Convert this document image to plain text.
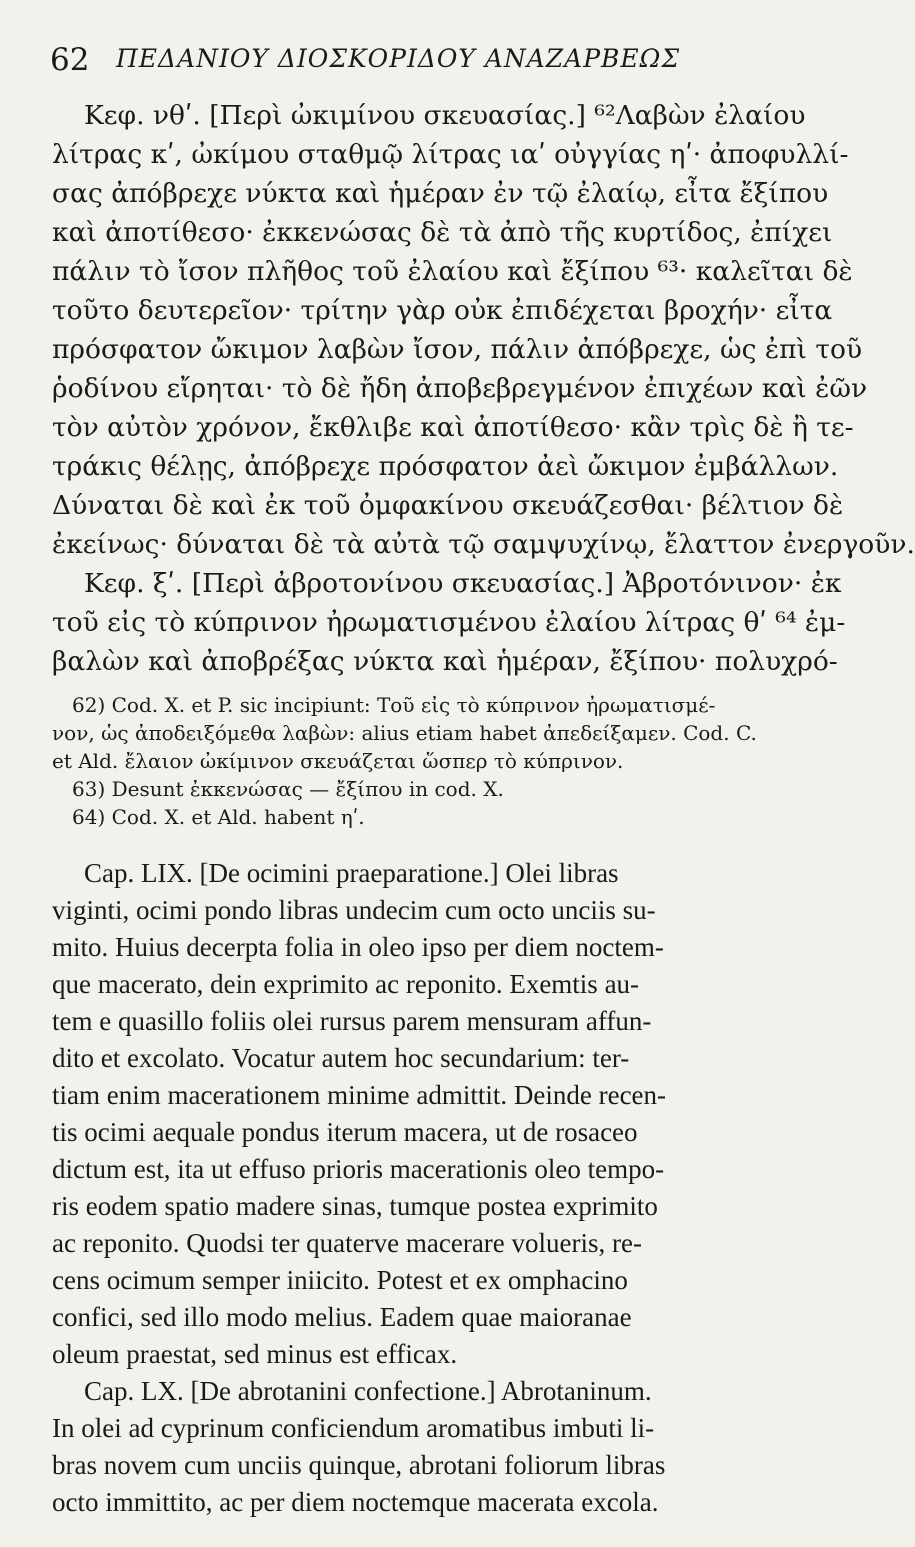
62 ΠΕΔΑΝΙΟΥ ΔΙΟΣΚΟΡΙΔΟΥ ΑΝΑΖΑΡΒΕΩΣ
Κεφ. νθʹ. [Περὶ ὠκιμίνου σκευασίας.] ⁶²Λαβὼν ἐλαίου
λίτρας κʹ, ὠκίμου σταθμῷ λίτρας ιαʹ οὐγγίας ηʹ· ἀποφυλλί-
σας ἀπόβρεχε νύκτα καὶ ἡμέραν ἐν τῷ ἐλαίῳ, εἶτα ἔξίπου
καὶ ἀποτίθεσο· ἐκκενώσας δὲ τὰ ἀπὸ τῆς κυρτίδος, ἐπίχει
πάλιν τὸ ἴσον πλῆθος τοῦ ἐλαίου καὶ ἔξίπου ⁶³· καλεῖται δὲ
τοῦτο δευτερεῖον· τρίτην γὰρ οὐκ ἐπιδέχεται βροχήν· εἶτα
πρόσφατον ὤκιμον λαβὼν ἴσον, πάλιν ἀπόβρεχε, ὡς ἐπὶ τοῦ
ῥοδίνου εἴρηται· τὸ δὲ ἤδη ἀποβεβρεγμένον ἐπιχέων καὶ ἐῶν
τὸν αὐτὸν χρόνον, ἔκθλιβε καὶ ἀποτίθεσο· κἂν τρὶς δὲ ἢ τε-
τράκις θέλῃς, ἀπόβρεχε πρόσφατον ἀεὶ ὤκιμον ἐμβάλλων.
Δύναται δὲ καὶ ἐκ τοῦ ὀμφακίνου σκευάζεσθαι· βέλτιον δὲ
ἐκείνως· δύναται δὲ τὰ αὐτὰ τῷ σαμψυχίνῳ, ἔλαττον ἐνεργοῦν.
Κεφ. ξʹ. [Περὶ ἀβροτονίνου σκευασίας.] Ἀβροτόνινον· ἐκ
τοῦ εἰς τὸ κύπρινον ἠρωματισμένου ἐλαίου λίτρας θʹ ⁶⁴ ἐμ-
βαλὼν καὶ ἀποβρέξας νύκτα καὶ ἡμέραν, ἔξίπου· πολυχρό-
62) Cod. X. et P. sic incipiunt: Τοῦ εἰς τὸ κύπρινον ἠρωματισμέ-
νον, ὡς ἀποδειξόμεθα λαβὼν: alius etiam habet ἀπεδείξαμεν. Cod. C.
et Ald. ἔλαιον ὠκίμινον σκευάζεται ὥσπερ τὸ κύπρινον.
63) Desunt ἐκκενώσας — ἔξίπου in cod. X.
64) Cod. X. et Ald. habent ηʹ.
Cap. LIX. [De ocimini praeparatione.] Olei libras
viginti, ocimi pondo libras undecim cum octo unciis su-
mito. Huius decerpta folia in oleo ipso per diem noctem-
que macerato, dein exprimito ac reponito. Exemtis au-
tem e quasillo foliis olei rursus parem mensuram affun-
dito et excolato. Vocatur autem hoc secundarium: ter-
tiam enim macerationem minime admittit. Deinde recen-
tis ocimi aequale pondus iterum macera, ut de rosaceo
dictum est, ita ut effuso prioris macerationis oleo tempo-
ris eodem spatio madere sinas, tumque postea exprimito
ac reponito. Quodsi ter quaterve macerare volueris, re-
cens ocimum semper iniicito. Potest et ex omphacino
confici, sed illo modo melius. Eadem quae maioranae
oleum praestat, sed minus est efficax.
Cap. LX. [De abrotanini confectione.] Abrotaninum.
In olei ad cyprinum conficiendum aromatibus imbuti li-
bras novem cum unciis quinque, abrotani foliorum libras
octo immittito, ac per diem noctemque macerata excola.
